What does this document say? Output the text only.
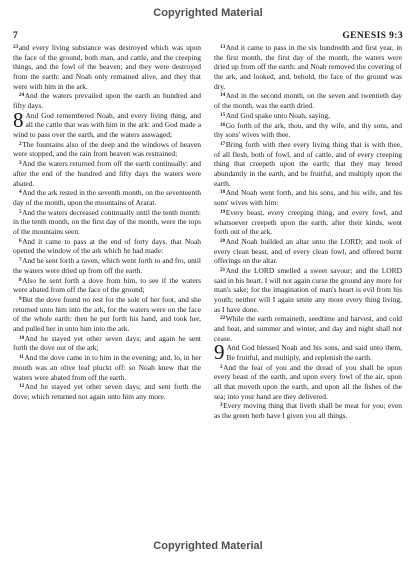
Copyrighted Material
7	GENESIS 9:3

$^{23}$and every living substance was destroyed which was upon the face of the ground, both man, and cattle, and the creeping things, and the fowl of the heaven; and they were destroyed from the earth: and Noah only remained alive, and they that were with him in the ark.

$^{24}$And the waters prevailed upon the earth an hundred and fifty days.

8 And God remembered Noah, and every living thing, and all the cattle that was with him in the ark: and God made a wind to pass over the earth, and the waters asswaged;

$^2$The fountains also of the deep and the windows of heaven were stopped, and the rain from heaven was restrained;

$^3$And the waters returned from off the earth continually: and after the end of the hundred and fifty days the waters were abated.

$^4$And the ark rested in the seventh month, on the seventeenth day of the month, upon the mountains of Ararat.

$^5$And the waters decreased continually until the tenth month: in the tenth month, on the first day of the month, were the tops of the mountains seen.

$^6$And it came to pass at the end of forty days, that Noah opened the window of the ark which he had made:

$^7$And he sent forth a raven, which went forth to and fro, until the waters were dried up from off the earth.

$^8$Also he sent forth a dove from him, to see if the waters were abated from off the face of the ground;

$^9$But the dove found no rest for the sole of her foot, and she returned unto him into the ark, for the waters were on the face of the whole earth: then he put forth his hand, and took her, and pulled her in unto him into the ark.

$^{10}$And he stayed yet other seven days; and again he sent forth the dove out of the ark;

$^{11}$And the dove came in to him in the evening; and, lo, in her mouth was an olive leaf pluckt off: so Noah knew that the waters were abated from off the earth.

$^{12}$And he stayed yet other seven days; and sent forth the dove; which returned not again unto him any more.

$^{13}$And it came to pass in the six hundredth and first year, in the first month, the first day of the month, the waters were dried up from off the earth: and Noah removed the covering of the ark, and looked, and, behold, the face of the ground was dry.

$^{14}$And in the second month, on the seven and twentieth day of the month, was the earth dried.

$^{15}$And God spake unto Noah, saying,

$^{16}$Go forth of the ark, thou, and thy wife, and thy sons, and thy sons' wives with thee.

$^{17}$Bring forth with thee every living thing that is with thee, of all flesh, both of fowl, and of cattle, and of every creeping thing that creepeth upon the earth; that they may breed abundantly in the earth, and be fruitful, and multiply upon the earth.

$^{18}$And Noah went forth, and his sons, and his wife, and his sons' wives with him:

$^{19}$Every beast, every creeping thing, and every fowl, and whatsoever creepeth upon the earth, after their kinds, went forth out of the ark.

$^{20}$And Noah builded an altar unto the LORD; and took of every clean beast, and of every clean fowl, and offered burnt offerings on the altar.

$^{21}$And the LORD smelled a sweet savour; and the LORD said in his heart, I will not again curse the ground any more for man's sake; for the imagination of man's heart is evil from his youth; neither will I again smite any more every thing living, as I have done.

$^{22}$While the earth remaineth, seedtime and harvest, and cold and heat, and summer and winter, and day and night shall not cease.

9 And God blessed Noah and his sons, and said unto them, Be fruitful, and multiply, and replenish the earth.

$^2$And the fear of you and the dread of you shall be upon every beast of the earth, and upon every fowl of the air, upon all that moveth upon the earth, and upon all the fishes of the sea; into your hand are they delivered.

$^3$Every moving thing that liveth shall be meat for you; even as the green herb have I given you all things.

Copyrighted Material
